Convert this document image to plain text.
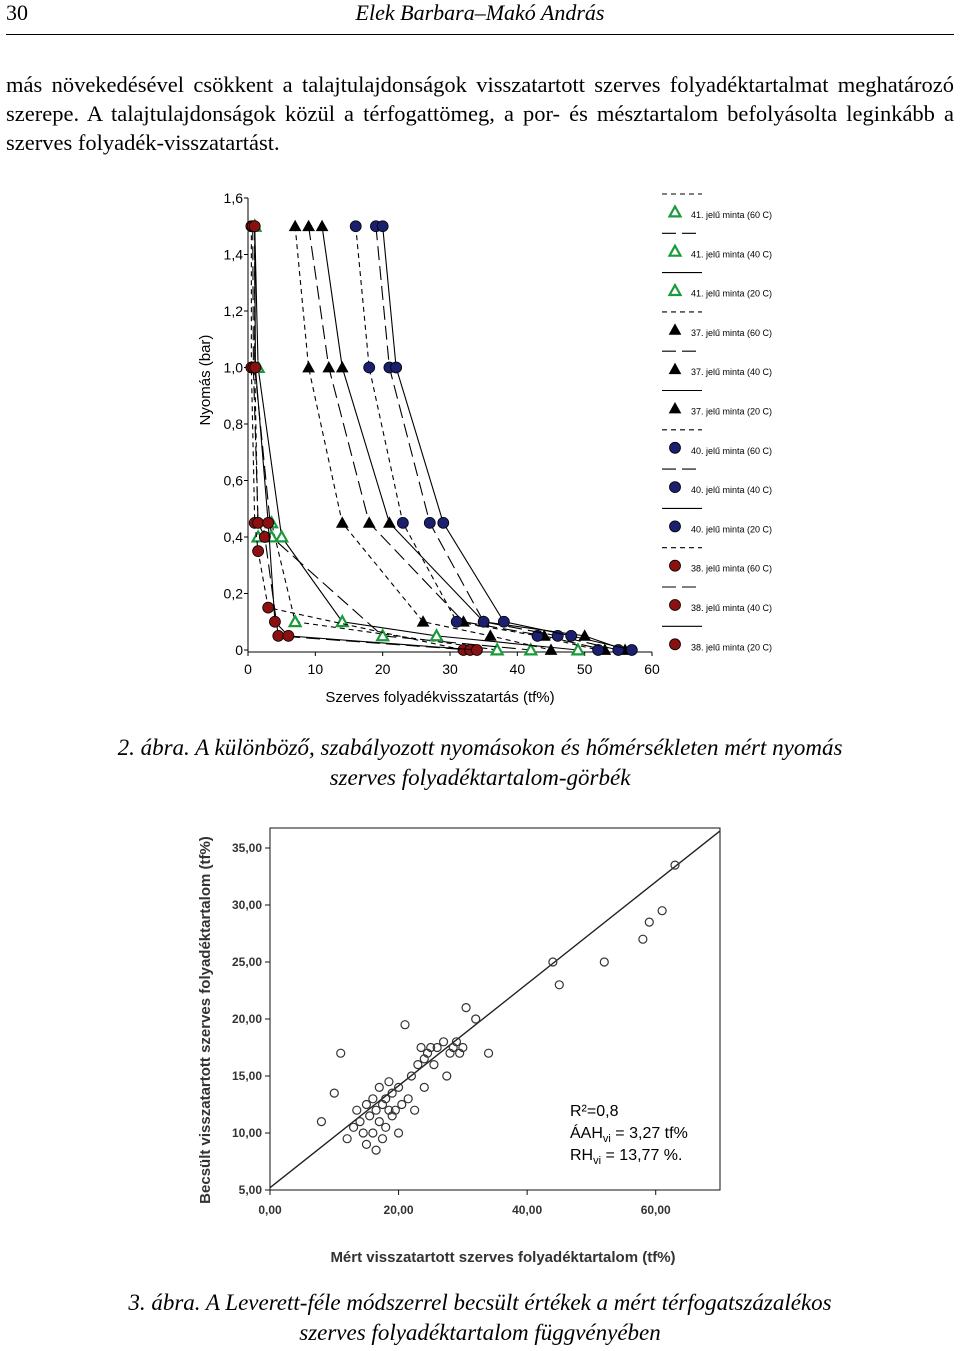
30	Elek Barbara–Makó András
más növekedésével csökkent a talajtulajdonságok visszatartott szerves folyadéktartalmat meghatározó szerepe. A talajtulajdonságok közül a térfogattömeg, a por- és mésztartalom befolyásolta leginkább a szerves folyadék-visszatartást.
0
0,2
0,4
0,6
0,8
1,0
1,2
1,4
1,6
0	10	20	30	40	50	60
Szerves folyadékvisszatartás (tf%)
Nyomás (bar)
41. jelű minta (60 C)
41. jelű minta (40 C)
41. jelű minta (20 C)
37. jelű minta (60 C)
37. jelű minta (40 C)
37. jelű minta (20 C)
40. jelű minta (60 C)
40. jelű minta (40 C)
40. jelű minta (20 C)
38. jelű minta (60 C)
38. jelű minta (40 C)
38. jelű minta (20 C)
2. ábra. A különböző, szabályozott nyomásokon és hőmérsékleten mért nyomás
szerves folyadéktartalom-görbék
5,00
10,00
15,00
20,00
25,00
30,00
35,00
0,00	20,00	40,00	60,00
Mért visszatartott szerves folyadéktartalom (tf%)
Becsült visszatartott szerves folyadéktartalom (tf%)	R²=0,8
$ÁAH_{vi} = 3,27$ tf%
$RH_{vi} = 13,77$ %.
3. ábra. A Leverett-féle módszerrel becsült értékek a mért térfogatszázalékos
szerves folyadéktartalom függvényében
